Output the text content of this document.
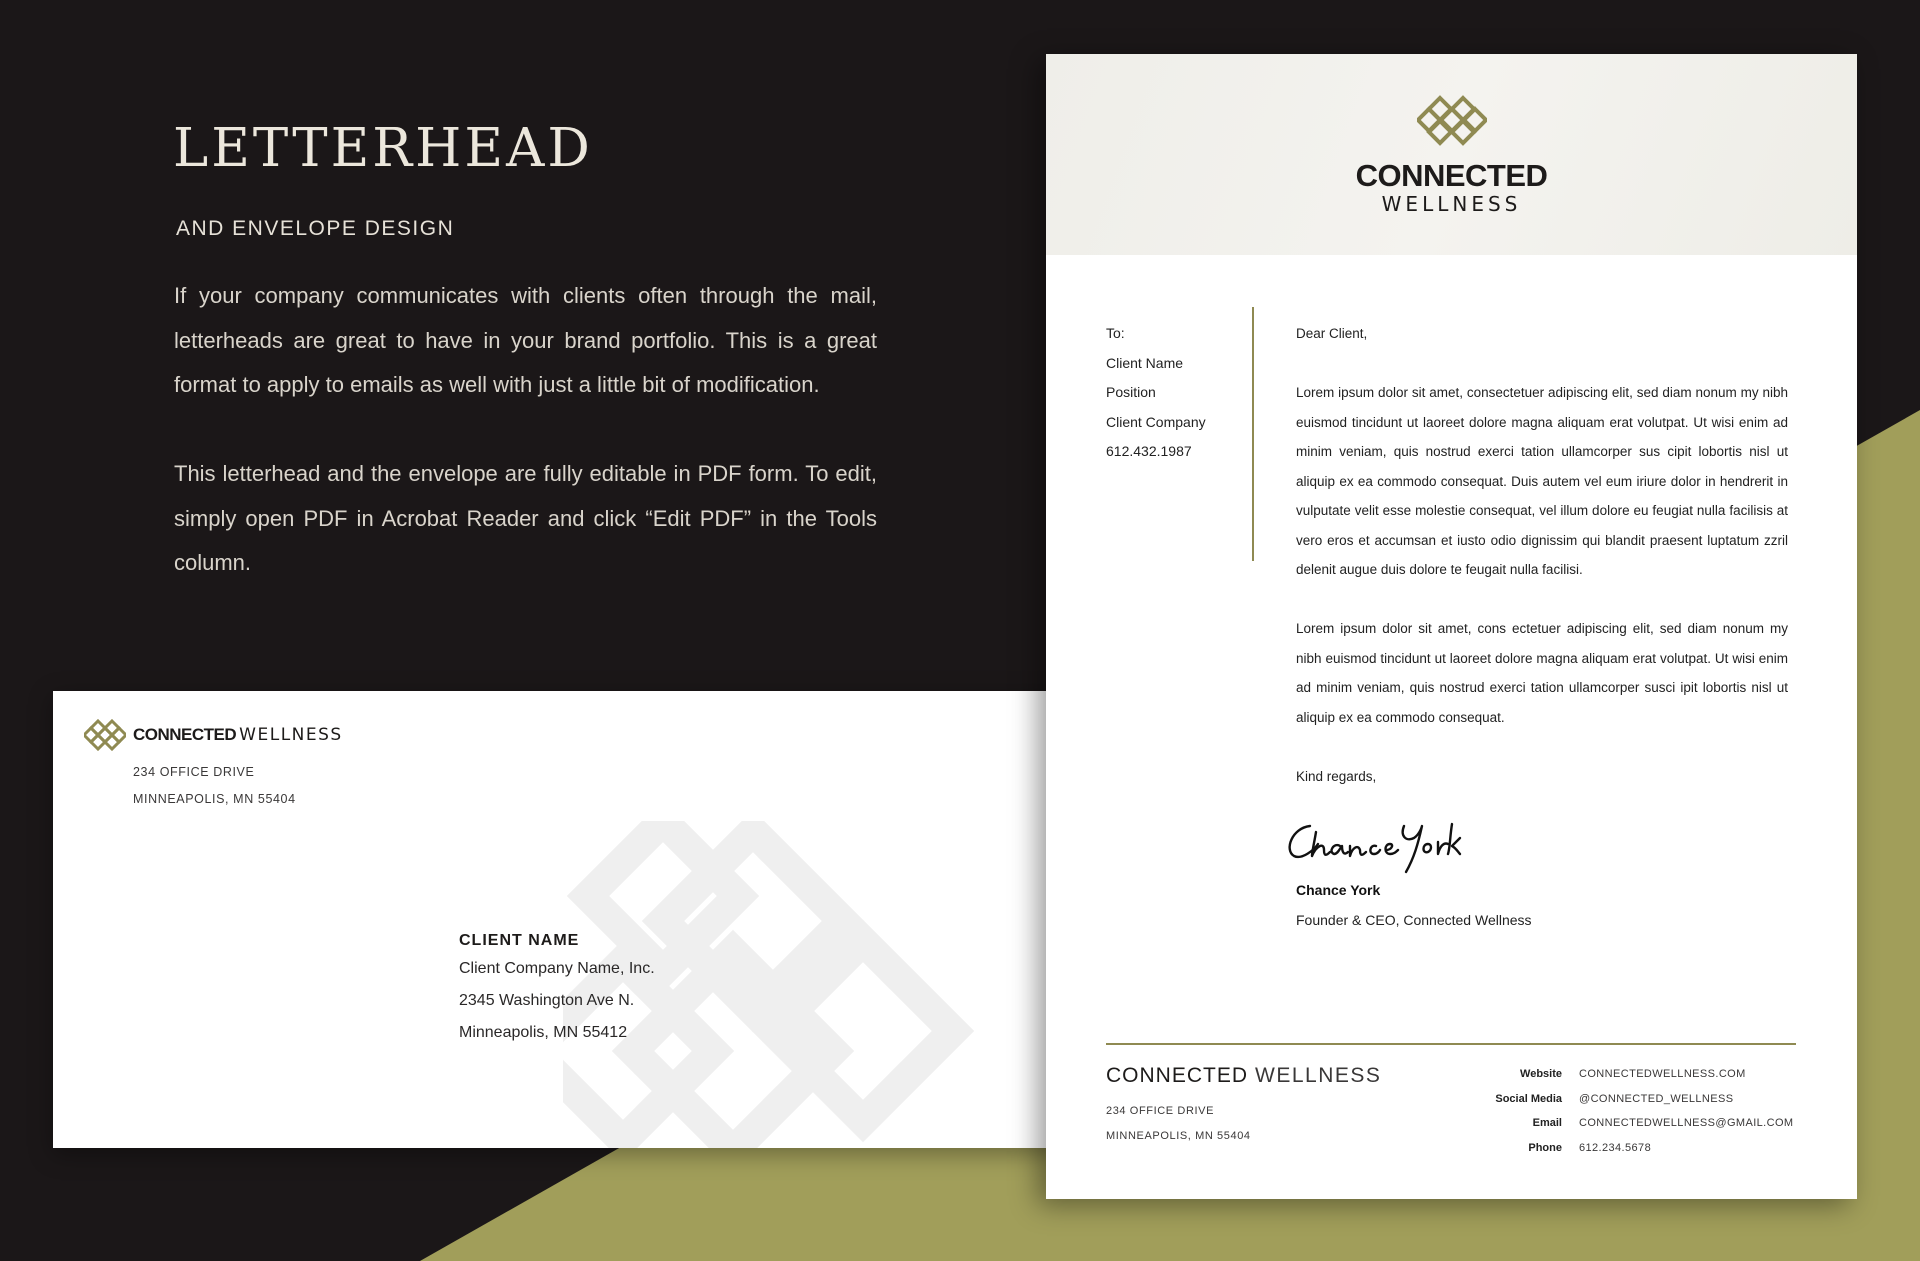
LETTERHEAD
AND ENVELOPE DESIGN

If your company communicates with clients often through the mail, letterheads are great to have in your brand portfolio. This is a great format to apply to emails as well with just a little bit of modification.

This letterhead and the envelope are fully editable in PDF form. To edit, simply open PDF in Acrobat Reader and click “Edit PDF” in the Tools column.

CONNECTED WELLNESS
234 OFFICE DRIVE
MINNEAPOLIS, MN 55404
CLIENT NAME
Client Company Name, Inc.
2345 Washington Ave N.
Minneapolis, MN 55412
CONNECTED
WELLNESS
To:
Client Name
Position
Client Company
612.432.1987

Dear Client,

Lorem ipsum dolor sit amet, consectetuer adipiscing elit, sed diam nonum my nibh euismod tincidunt ut laoreet dolore magna aliquam erat volutpat. Ut wisi enim ad minim veniam, quis nostrud exerci tation ullamcorper sus cipit lobortis nisl ut aliquip ex ea commodo consequat. Duis autem vel eum iriure dolor in hendrerit in vulputate velit esse molestie consequat, vel illum dolore eu feugiat nulla facilisis at vero eros et accumsan et iusto odio dignissim qui blandit praesent luptatum zzril delenit augue duis dolore te feugait nulla facilisi.

Lorem ipsum dolor sit amet, cons ectetuer adipiscing elit, sed diam nonum my nibh euismod tincidunt ut laoreet dolore magna aliquam erat volutpat. Ut wisi enim ad minim veniam, quis nostrud exerci tation ullamcorper susci ipit lobortis nisl ut aliquip ex ea commodo consequat.

Kind regards,

Chance York
Founder & CEO, Connected Wellness
CONNECTED WELLNESS
234 OFFICE DRIVE
MINNEAPOLIS, MN 55404
Website	CONNECTEDWELLNESS.COM
Social Media	@CONNECTED_WELLNESS
Email	CONNECTEDWELLNESS@GMAIL.COM
Phone	612.234.5678
